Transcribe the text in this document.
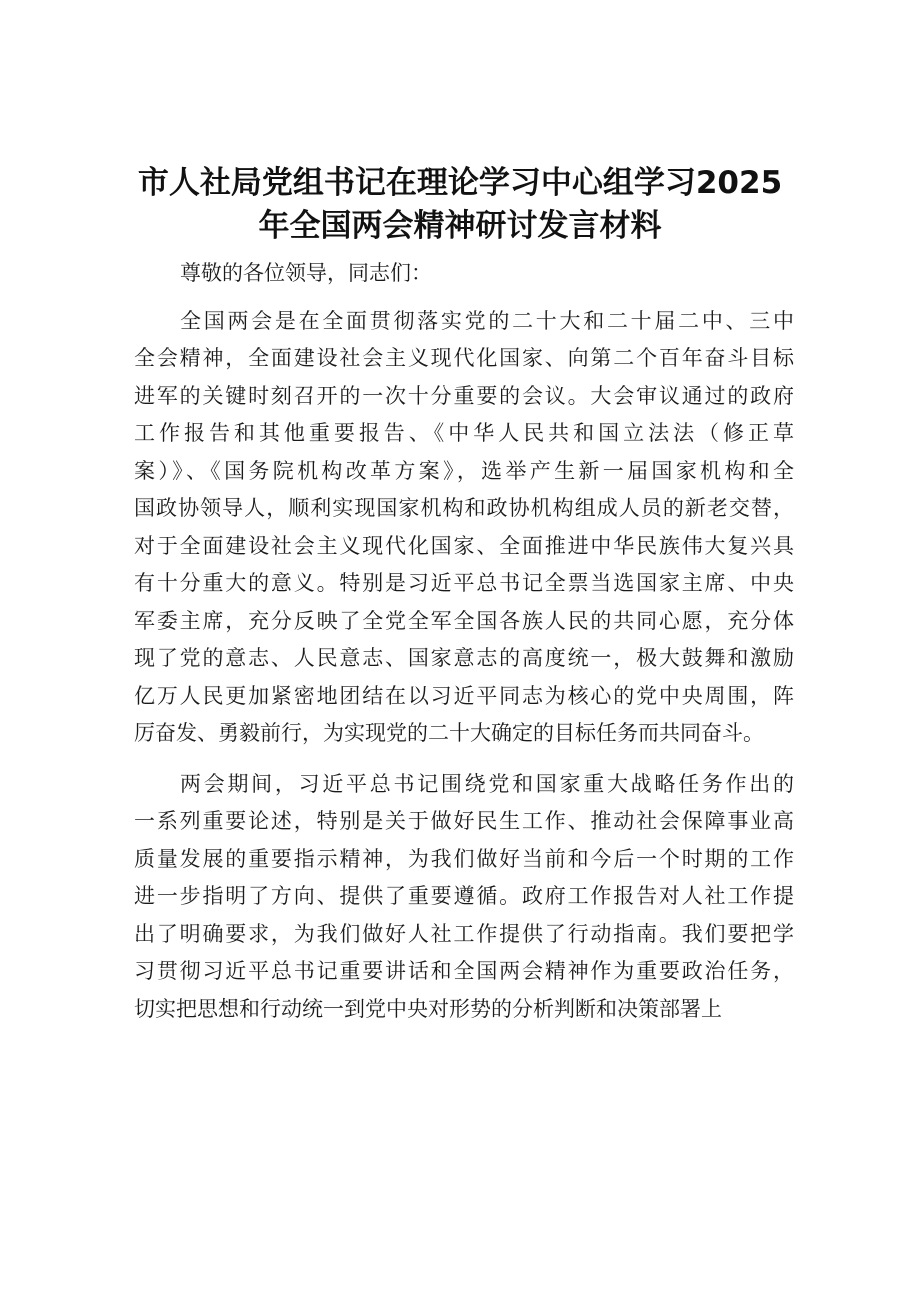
市人社局党组书记在理论学习中心组学习2025
年全国两会精神研讨发言材料

尊敬的各位领导，同志们：

全国两会是在全面贯彻落实党的二十大和二十届二中、三中
全会精神，全面建设社会主义现代化国家、向第二个百年奋斗目标
进军的关键时刻召开的一次十分重要的会议。大会审议通过的政府
工作报告和其他重要报告、《中华人民共和国立法法（修正草
案）》、《国务院机构改革方案》，选举产生新一届国家机构和全
国政协领导人，顺利实现国家机构和政协机构组成人员的新老交替，
对于全面建设社会主义现代化国家、全面推进中华民族伟大复兴具
有十分重大的意义。特别是习近平总书记全票当选国家主席、中央
军委主席，充分反映了全党全军全国各族人民的共同心愿，充分体
现了党的意志、人民意志、国家意志的高度统一，极大鼓舞和激励
亿万人民更加紧密地团结在以习近平同志为核心的党中央周围，阵
厉奋发、勇毅前行，为实现党的二十大确定的目标任务而共同奋斗。

两会期间，习近平总书记围绕党和国家重大战略任务作出的
一系列重要论述，特别是关于做好民生工作、推动社会保障事业高
质量发展的重要指示精神，为我们做好当前和今后一个时期的工作
进一步指明了方向、提供了重要遵循。政府工作报告对人社工作提
出了明确要求，为我们做好人社工作提供了行动指南。我们要把学
习贯彻习近平总书记重要讲话和全国两会精神作为重要政治任务，
切实把思想和行动统一到党中央对形势的分析判断和决策部署上
